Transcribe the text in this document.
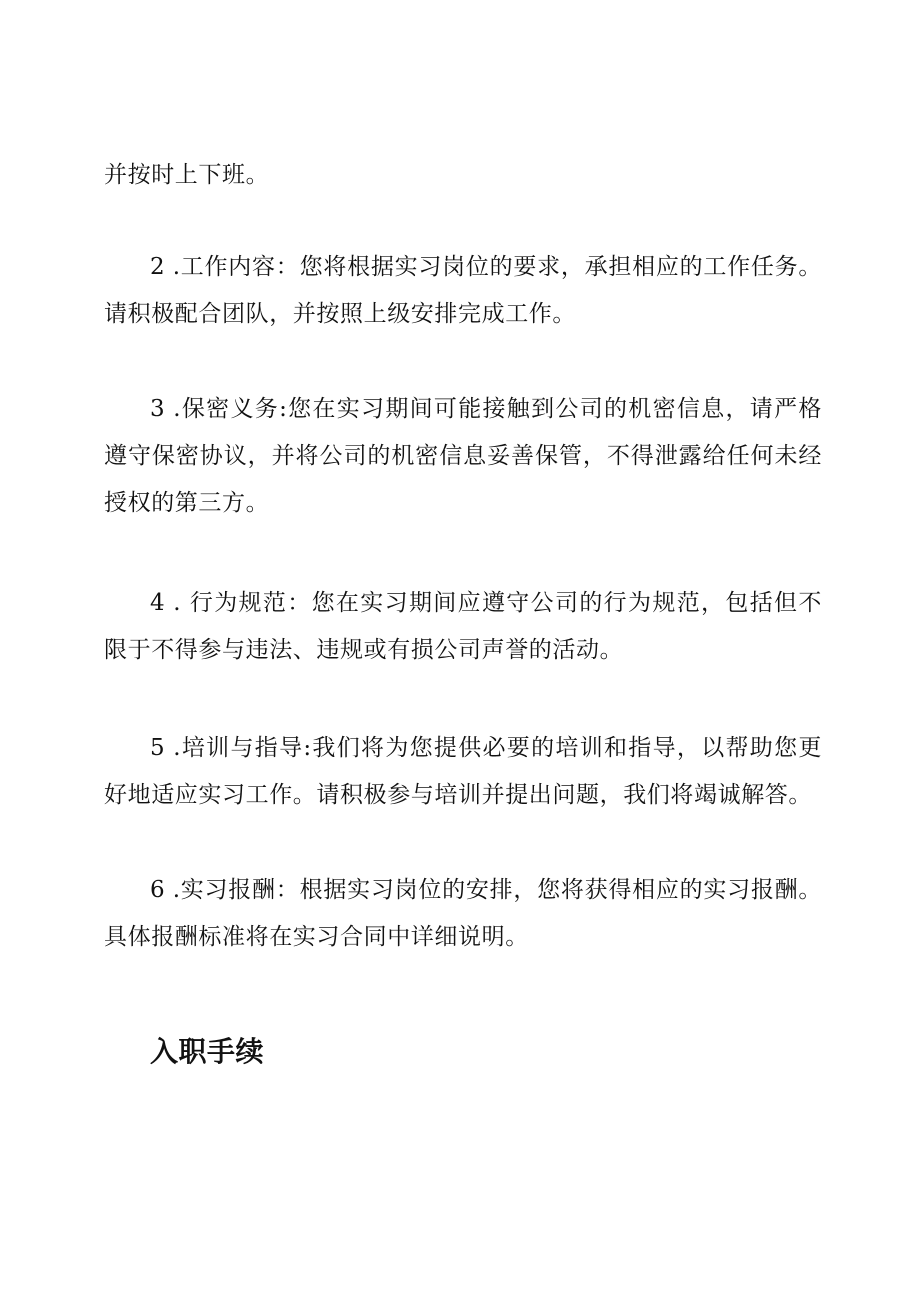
并按时上下班。

2 .工作内容：您将根据实习岗位的要求，承担相应的工作任务。请积极配合团队，并按照上级安排完成工作。

3 .保密义务:您在实习期间可能接触到公司的机密信息，请严格遵守保密协议，并将公司的机密信息妥善保管，不得泄露给任何未经授权的第三方。

4 . 行为规范：您在实习期间应遵守公司的行为规范，包括但不限于不得参与违法、违规或有损公司声誉的活动。

5 .培训与指导:我们将为您提供必要的培训和指导，以帮助您更好地适应实习工作。请积极参与培训并提出问题，我们将竭诚解答。

6 .实习报酬：根据实习岗位的安排，您将获得相应的实习报酬。具体报酬标准将在实习合同中详细说明。

入职手续
